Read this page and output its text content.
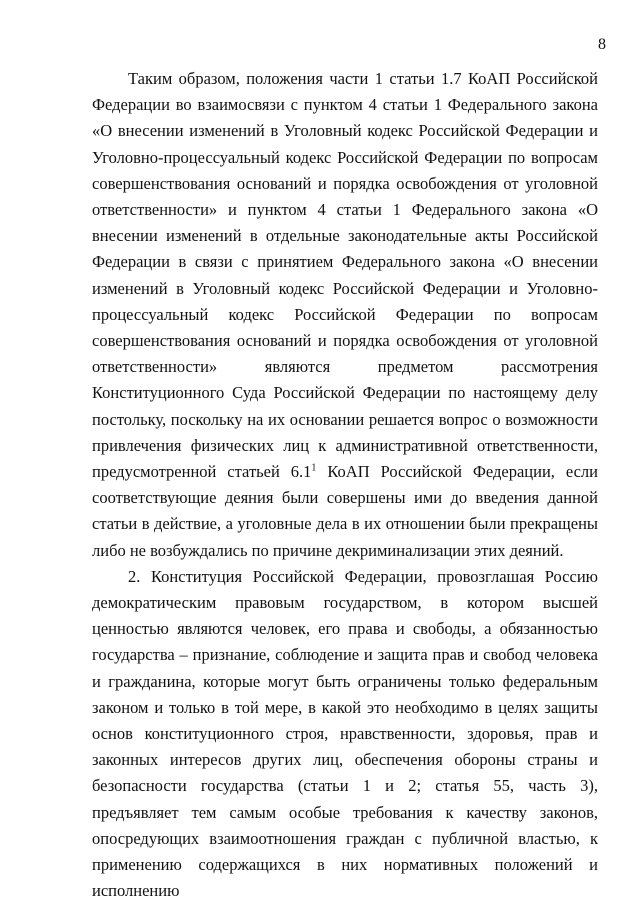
8

Таким образом, положения части 1 статьи 1.7 КоАП Российской Федерации во взаимосвязи с пунктом 4 статьи 1 Федерального закона «О внесении изменений в Уголовный кодекс Российской Федерации и Уголовно-процессуальный кодекс Российской Федерации по вопросам совершенствования оснований и порядка освобождения от уголовной ответственности» и пунктом 4 статьи 1 Федерального закона «О внесении изменений в отдельные законодательные акты Российской Федерации в связи с принятием Федерального закона «О внесении изменений в Уголовный кодекс Российской Федерации и Уголовно-процессуальный кодекс Российской Федерации по вопросам совершенствования оснований и порядка освобождения от уголовной ответственности» являются предметом рассмотрения Конституционного Суда Российской Федерации по настоящему делу постольку, поскольку на их основании решается вопрос о возможности привлечения физических лиц к административной ответственности, предусмотренной статьей $6.1^1$ КоАП Российской Федерации, если соответствующие деяния были совершены ими до введения данной статьи в действие, а уголовные дела в их отношении были прекращены либо не возбуждались по причине декриминализации этих деяний.

2. Конституция Российской Федерации, провозглашая Россию демократическим правовым государством, в котором высшей ценностью являются человек, его права и свободы, а обязанностью государства – признание, соблюдение и защита прав и свобод человека и гражданина, которые могут быть ограничены только федеральным законом и только в той мере, в какой это необходимо в целях защиты основ конституционного строя, нравственности, здоровья, прав и законных интересов других лиц, обеспечения обороны страны и безопасности государства (статьи 1 и 2; статья 55, часть 3), предъявляет тем самым особые требования к качеству законов, опосредующих взаимоотношения граждан с публичной властью, к применению содержащихся в них нормативных положений и исполнению
